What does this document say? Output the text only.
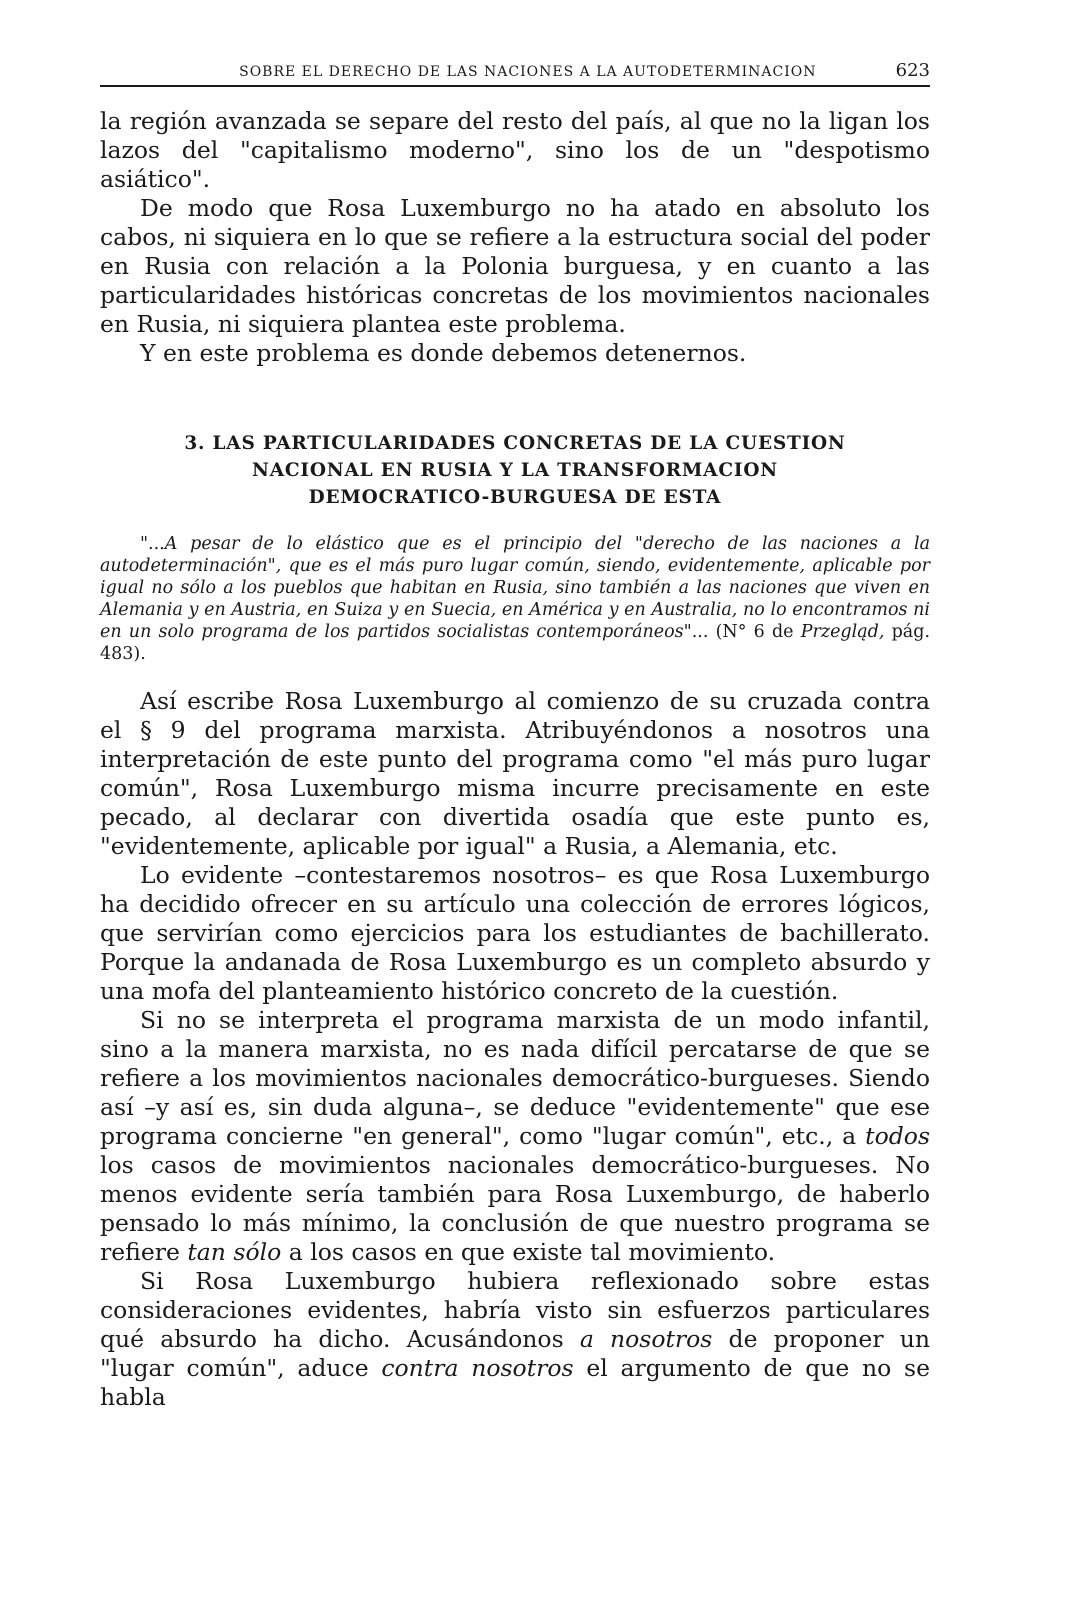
SOBRE EL DERECHO DE LAS NACIONES A LA AUTODETERMINACION	623

la región avanzada se separe del resto del país, al que no la ligan los lazos del "capitalismo moderno", sino los de un "despotismo asiático".

De modo que Rosa Luxemburgo no ha atado en absoluto los cabos, ni siquiera en lo que se refiere a la estructura social del poder en Rusia con relación a la Polonia burguesa, y en cuanto a las particularidades históricas concretas de los movimientos nacionales en Rusia, ni siquiera plantea este problema.

Y en este problema es donde debemos detenernos.

3. LAS PARTICULARIDADES CONCRETAS DE LA CUESTION
NACIONAL EN RUSIA Y LA TRANSFORMACION
DEMOCRATICO-BURGUESA DE ESTA

"...A pesar de lo elástico que es el principio del "derecho de las naciones a la autodeterminación", que es el más puro lugar común, siendo, evidentemente, aplicable por igual no sólo a los pueblos que habitan en Rusia, sino también a las naciones que viven en Alemania y en Austria, en Suiza y en Suecia, en América y en Australia, no lo encontramos ni en un solo programa de los partidos socialistas contemporáneos"... (N° 6 de Przegląd, pág. 483).

Así escribe Rosa Luxemburgo al comienzo de su cruzada contra el § 9 del programa marxista. Atribuyéndonos a nosotros una interpretación de este punto del programa como "el más puro lugar común", Rosa Luxemburgo misma incurre precisamente en este pecado, al declarar con divertida osadía que este punto es, "evidentemente, aplicable por igual" a Rusia, a Alemania, etc.

Lo evidente –contestaremos nosotros– es que Rosa Luxemburgo ha decidido ofrecer en su artículo una colección de errores lógicos, que servirían como ejercicios para los estudiantes de bachillerato. Porque la andanada de Rosa Luxemburgo es un completo absurdo y una mofa del planteamiento histórico concreto de la cuestión.

Si no se interpreta el programa marxista de un modo infantil, sino a la manera marxista, no es nada difícil percatarse de que se refiere a los movimientos nacionales democrático-burgueses. Siendo así –y así es, sin duda alguna–, se deduce "evidentemente" que ese programa concierne "en general", como "lugar común", etc., a todos los casos de movimientos nacionales democrático-burgueses. No menos evidente sería también para Rosa Luxemburgo, de haberlo pensado lo más mínimo, la conclusión de que nuestro programa se refiere tan sólo a los casos en que existe tal movimiento.

Si Rosa Luxemburgo hubiera reflexionado sobre estas consideraciones evidentes, habría visto sin esfuerzos particulares qué absurdo ha dicho. Acusándonos a nosotros de proponer un "lugar común", aduce contra nosotros el argumento de que no se habla
